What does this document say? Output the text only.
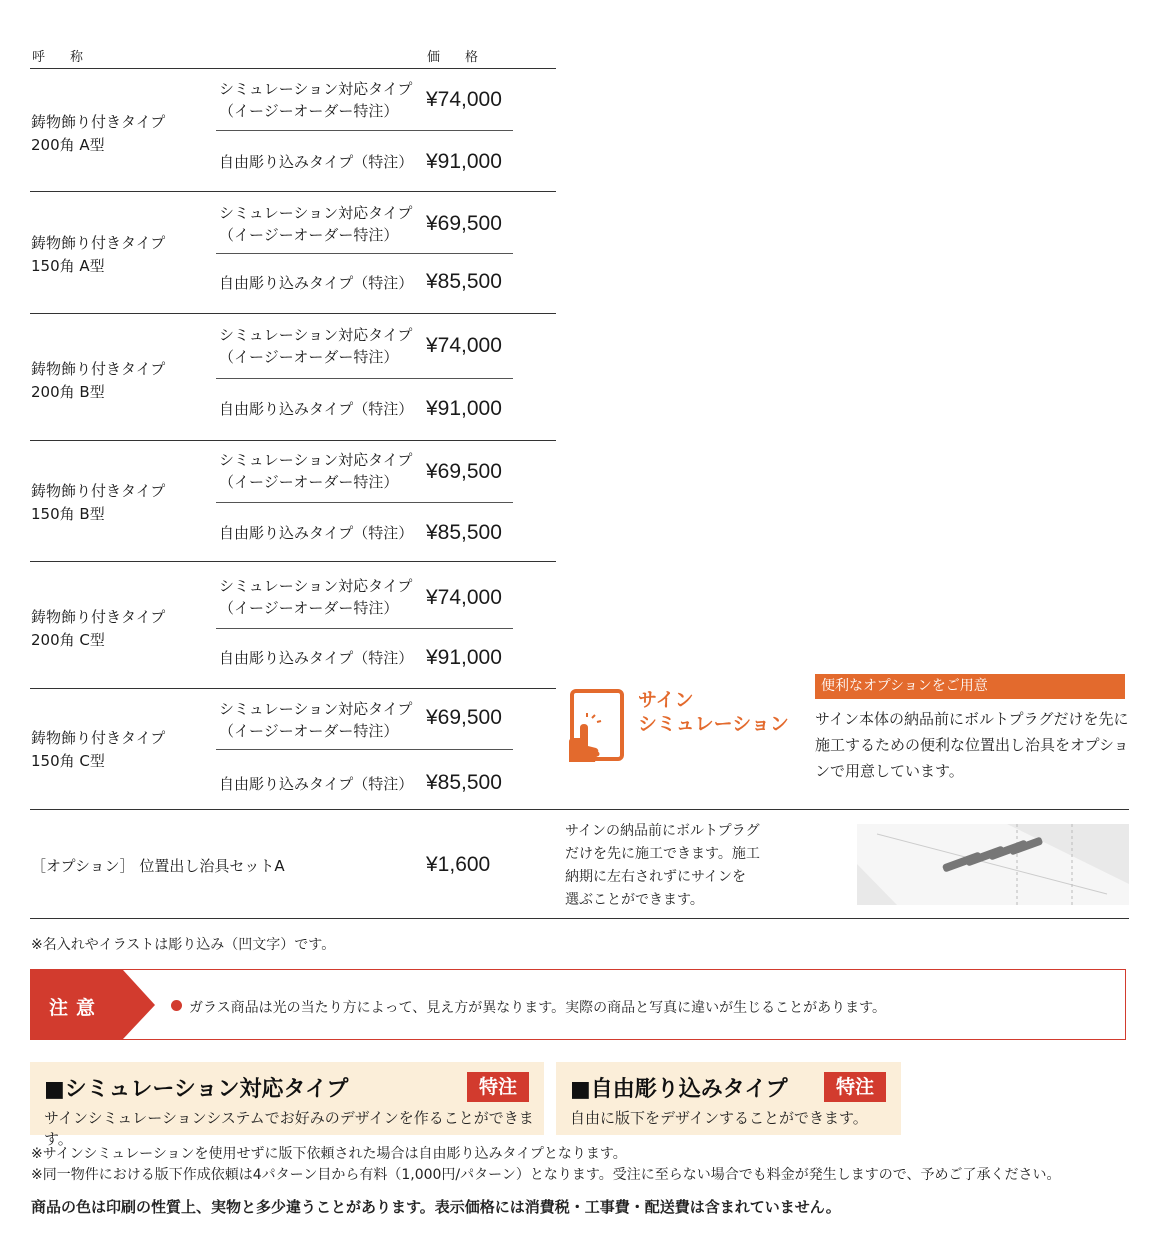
呼　称	価　格
鋳物飾り付きタイプ
200角 A型
シミュレーション対応タイプ
（イージーオーダー特注）	¥74,000
自由彫り込みタイプ（特注） ¥91,000
鋳物飾り付きタイプ
150角 A型
シミュレーション対応タイプ
（イージーオーダー特注）	¥69,500
自由彫り込みタイプ（特注） ¥85,500
鋳物飾り付きタイプ
200角 B型
シミュレーション対応タイプ
（イージーオーダー特注）	¥74,000
自由彫り込みタイプ（特注） ¥91,000
鋳物飾り付きタイプ
150角 B型
シミュレーション対応タイプ
（イージーオーダー特注）	¥69,500
自由彫り込みタイプ（特注） ¥85,500
鋳物飾り付きタイプ
200角 C型
シミュレーション対応タイプ
（イージーオーダー特注）	¥74,000
自由彫り込みタイプ（特注） ¥91,000
鋳物飾り付きタイプ
150角 C型
シミュレーション対応タイプ
（イージーオーダー特注）
¥69,500
自由彫り込みタイプ（特注） ¥85,500
サイン
シミュレーション
便利なオプションをご用意
サイン本体の納品前にボルトプラグだけを先に施工するための便利な位置出し治具をオプションで用意しています。
［オプション］ 位置出し治具セットA	¥1,600
サインの納品前にボルトプラグ
だけを先に施工できます。施工
納期に左右されずにサインを
選ぶことができます。
※名入れやイラストは彫り込み（凹文字）です。
注意	ガラス商品は光の当たり方によって、見え方が異なります。実際の商品と写真に違いが生じることがあります。
■シミュレーション対応タイプ	特注
サインシミュレーションシステムでお好みのデザインを作ることができます。
■自由彫り込みタイプ	特注
自由に版下をデザインすることができます。
※サインシミュレーションを使用せずに版下依頼された場合は自由彫り込みタイプとなります。
※同一物件における版下作成依頼は4パターン目から有料（1,000円/パターン）となります。受注に至らない場合でも料金が発生しますので、予めご了承ください。
商品の色は印刷の性質上、実物と多少違うことがあります。表示価格には消費税・工事費・配送費は含まれていません。
